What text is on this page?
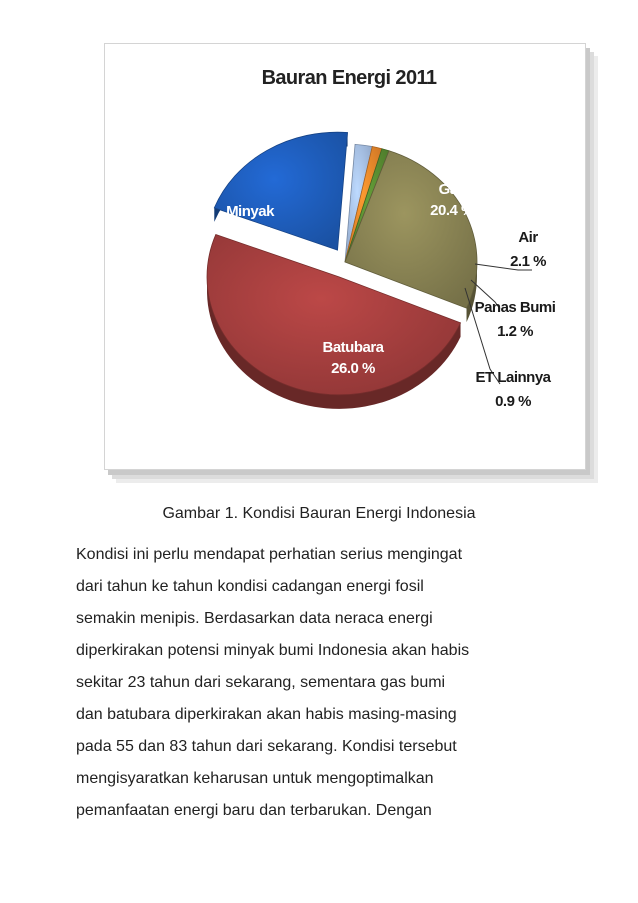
Bauran Energi 2011
Gas
20.4 %
Air
2.1 %
Panas Bumi
1.2 %
ET Lainnya
0.9 %
Batubara
26.0 %
Minyak
49.5 %

Gambar 1. Kondisi Bauran Energi Indonesia

Kondisi ini perlu mendapat perhatian serius mengingat
dari tahun ke tahun kondisi cadangan energi fosil
semakin menipis. Berdasarkan data neraca energi
diperkirakan potensi minyak bumi Indonesia akan habis
sekitar 23 tahun dari sekarang, sementara gas bumi
dan batubara diperkirakan akan habis masing-masing
pada 55 dan 83 tahun dari sekarang. Kondisi tersebut
mengisyaratkan keharusan untuk mengoptimalkan
pemanfaatan energi baru dan terbarukan. Dengan
